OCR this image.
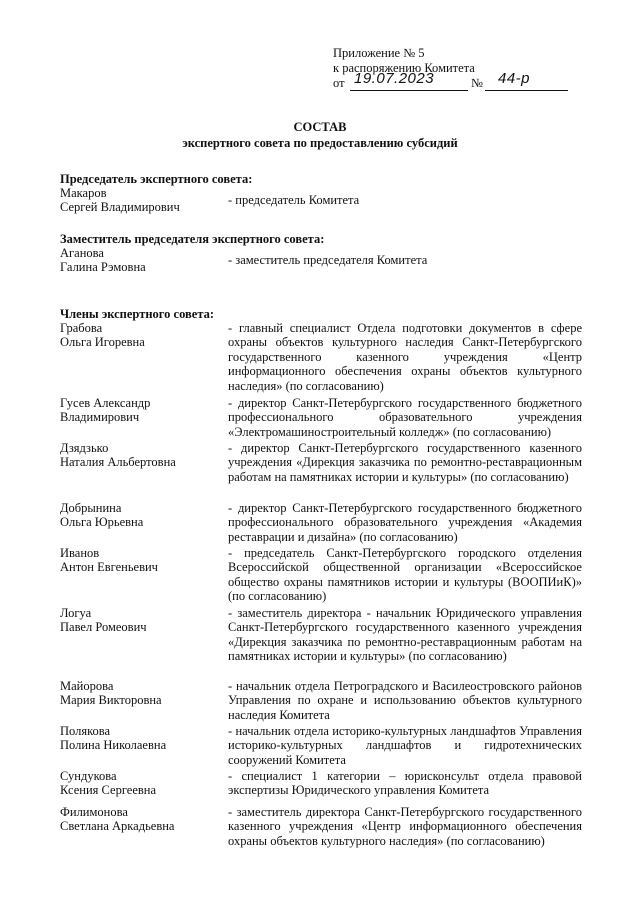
Приложение № 5
к распоряжению Комитета
от 19.07.2023	№ 44-р
СОСТАВ
экспертного совета по предоставлению субсидий
Председатель экспертного совета:
Макаров
Сергей Владимирович
- председатель Комитета
Заместитель председателя экспертного совета:
Аганова
Галина Рэмовна
- заместитель председателя Комитета
Члены экспертного совета:
Грабова
Ольга Игоревна
- главный специалист Отдела подготовки документов в сфере охраны объектов культурного наследия Санкт-Петербургского государственного казенного учреждения «Центр информационного обеспечения охраны объектов культурного наследия» (по согласованию)
Гусев Александр
Владимирович
- директор Санкт-Петербургского государственного бюджетного профессионального образовательного учреждения «Электромашиностроительный колледж» (по согласованию)
Дзядзько
Наталия Альбертовна
- директор Санкт-Петербургского государственного казенного учреждения «Дирекция заказчика по ремонтно-реставрационным работам на памятниках истории и культуры» (по согласованию)
Добрынина
Ольга Юрьевна
- директор Санкт-Петербургского государственного бюджетного профессионального образовательного учреждения «Академия реставрации и дизайна» (по согласованию)
Иванов
Антон Евгеньевич
- председатель Санкт-Петербургского городского отделения Всероссийской общественной организации «Всероссийское общество охраны памятников истории и культуры (ВООПИиК)» (по согласованию)
Логуа
Павел Ромеович
- заместитель директора - начальник Юридического управления Санкт-Петербургского государственного казенного учреждения «Дирекция заказчика по ремонтно-реставрационным работам на памятниках истории и культуры» (по согласованию)
Майорова
Мария Викторовна
- начальник отдела Петроградского и Василеостровского районов Управления по охране и использованию объектов культурного наследия Комитета
Полякова
Полина Николаевна
- начальник отдела историко-культурных ландшафтов Управления историко-культурных ландшафтов и гидротехнических сооружений Комитета
Сундукова
Ксения Сергеевна
- специалист 1 категории – юрисконсульт отдела правовой экспертизы Юридического управления Комитета
Филимонова
Светлана Аркадьевна
- заместитель директора Санкт-Петербургского государственного казенного учреждения «Центр информационного обеспечения охраны объектов культурного наследия» (по согласованию)
